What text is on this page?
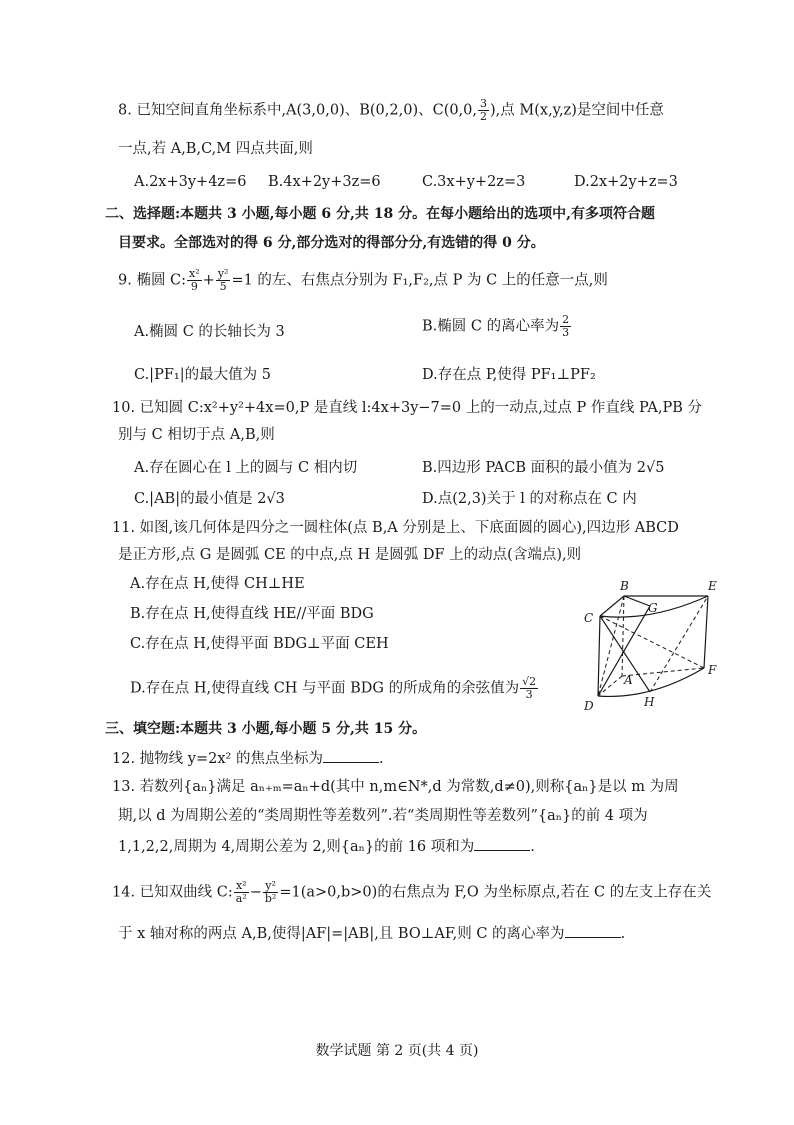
8. 已知空间直角坐标系中,A(3,0,0)、B(0,2,0)、C(0,0, $\frac{3}{2}$ ),点 M(x,y,z)是空间中任意
一点,若 A,B,C,M 四点共面,则
A.2x+3y+4z=6 B.4x+2y+3z=6	C.3x+y+2z=3	D.2x+2y+z=3
二、选择题:本题共 3 小题,每小题 6 分,共 18 分。在每小题给出的选项中,有多项符合题
目要求。全部选对的得 6 分,部分选对的得部分分,有选错的得 0 分。
9. 椭圆 C: $\frac{\text{x²}}{9} + \frac{\text{y²}}{5} =1$ 的左、右焦点分别为 F₁,F₂,点 P 为 C 上的任意一点,则
A.椭圆 C 的长轴长为 3	B.椭圆 C 的离心率为 $\frac{2}{3}$
C.|PF₁|的最大值为 5	D.存在点 P,使得 PF₁⊥PF₂
10. 已知圆 C:x²+y²+4x=0,P 是直线 l:4x+3y−7=0 上的一动点,过点 P 作直线 PA,PB 分
别与 C 相切于点 A,B,则
A.存在圆心在 l 上的圆与 C 相内切	B.四边形 PACB 面积的最小值为 2√5
C.|AB|的最小值是 2√3	D.点(2,3)关于 l 的对称点在 C 内
11. 如图,该几何体是四分之一圆柱体(点 B,A 分别是上、下底面圆的圆心),四边形 ABCD
是正方形,点 G 是圆弧 CE 的中点,点 H 是圆弧 DF 上的动点(含端点),则
A.存在点 H,使得 CH⊥HE
B.存在点 H,使得直线 HE//平面 BDG
C.存在点 H,使得平面 BDG⊥平面 CEH
D.存在点 H,使得直线 CH 与平面 BDG 的所成角的余弦值为 $\frac{√2}{3}$
B	E
G
C
A
F
D	H
三、填空题:本题共 3 小题,每小题 5 分,共 15 分。
12. 抛物线 y=2x² 的焦点坐标为	.
13. 若数列{aₙ}满足 aₙ₊ₘ=aₙ+d(其中 n,m∈N*,d 为常数,d≠0),则称{aₙ}是以 m 为周
期,以 d 为周期公差的“类周期性等差数列”.若“类周期性等差数列”{aₙ}的前 4 项为
1,1,2,2,周期为 4,周期公差为 2,则{aₙ}的前 16 项和为	.
14. 已知双曲线 C: $\frac{\text{x²}}{\text{a²}} - \frac{\text{y²}}{\text{b²}} =1(a>0,b>0)$的右焦点为 F,O 为坐标原点,若在 C 的左支上存在关
于 x 轴对称的两点 A,B,使得|AF|=|AB|,且 BO⊥AF,则 C 的离心率为	.
数学试题 第 2 页(共 4 页)
